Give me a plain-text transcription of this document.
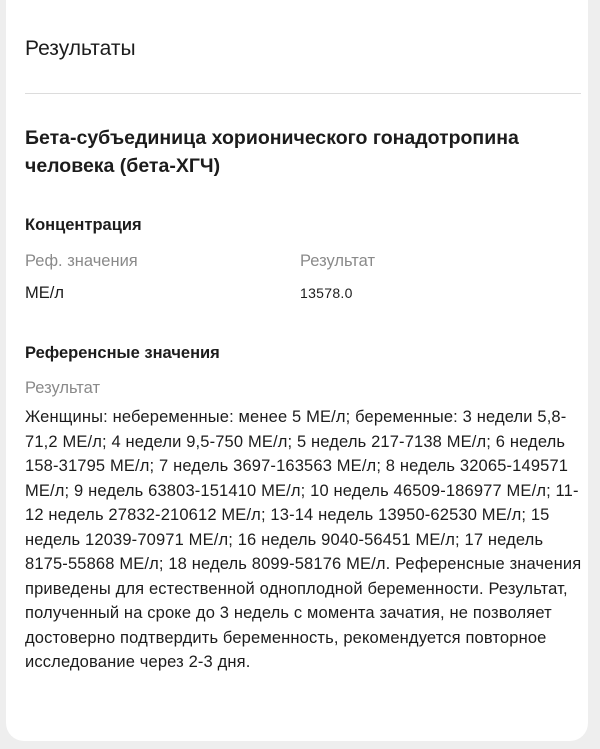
Результаты
Бета-субъединица хорионического гонадотропина человека (бета-ХГЧ)
Концентрация
Реф. значения	Результат
МЕ/л	13578.0
Референсные значения
Результат
Женщины: небеременные: менее 5 МЕ/л; беременные: 3 недели 5,8-71,2 МЕ/л; 4 недели 9,5-750 МЕ/л; 5 недель 217-7138 МЕ/л; 6 недель 158-31795 МЕ/л; 7 недель 3697-163563 МЕ/л; 8 недель 32065-149571 МЕ/л; 9 недель 63803-151410 МЕ/л; 10 недель 46509-186977 МЕ/л; 11-12 недель 27832-210612 МЕ/л; 13-14 недель 13950-62530 МЕ/л; 15 недель 12039-70971 МЕ/л; 16 недель 9040-56451 МЕ/л; 17 недель 8175-55868 МЕ/л; 18 недель 8099-58176 МЕ/л. Референсные значения приведены для естественной одноплодной беременности. Результат, полученный на сроке до 3 недель с момента зачатия, не позволяет достоверно подтвердить беременность, рекомендуется повторное исследование через 2-3 дня.
